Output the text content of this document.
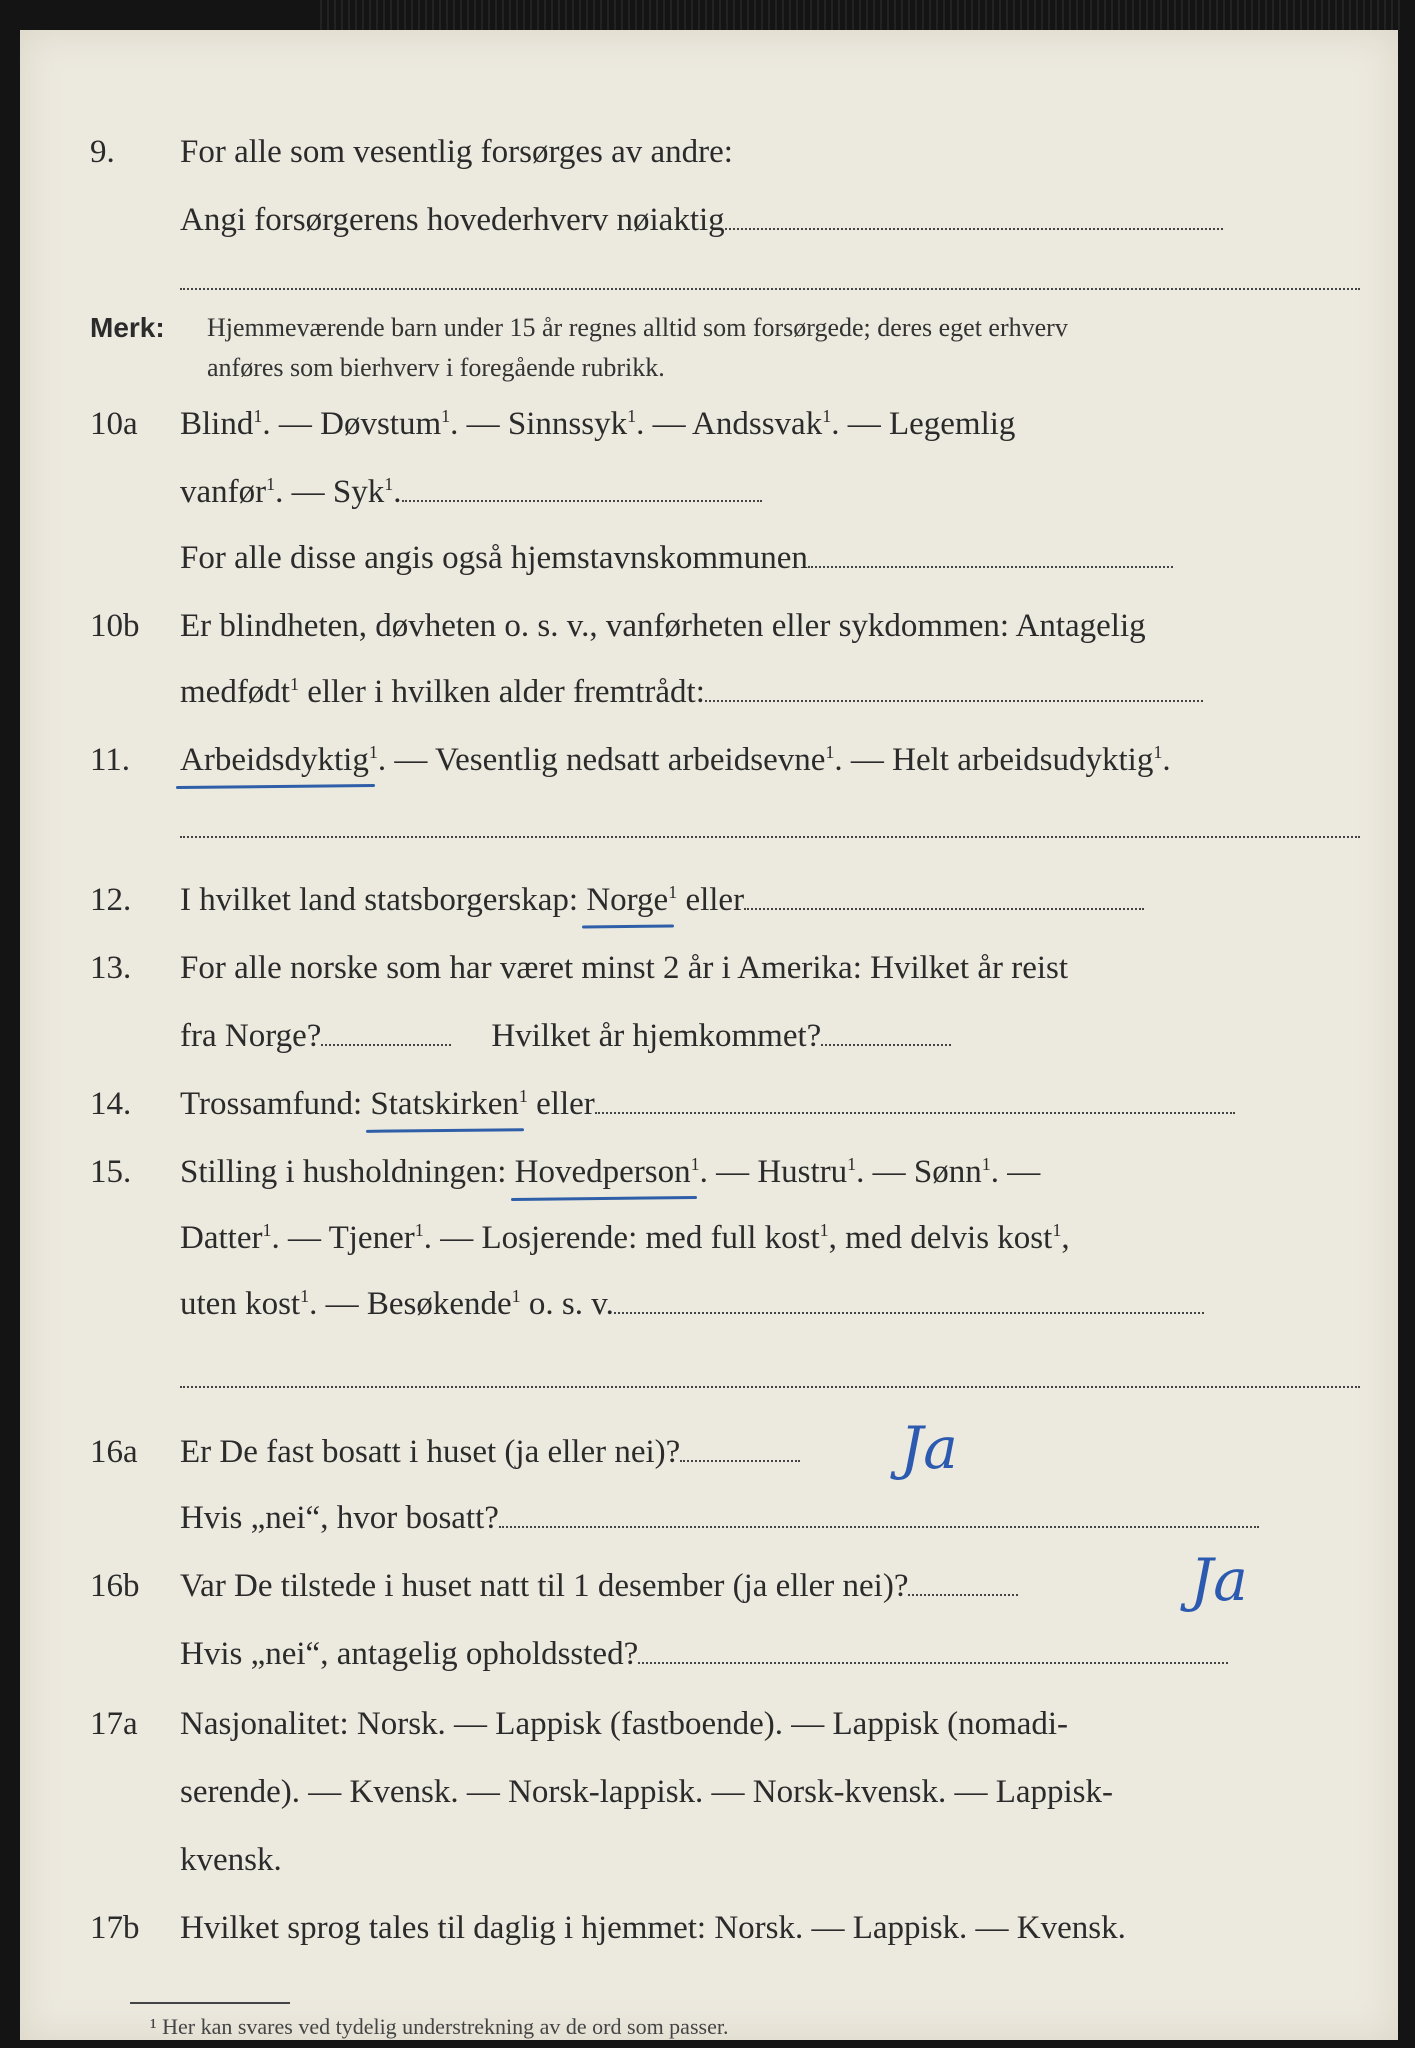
9. For alle som vesentlig forsørges av andre:
Angi forsørgerens hovederhverv nøiaktig
Merk: Hjemmeværende barn under 15 år regnes alltid som forsørgede; deres eget erhverv
anføres som bierhverv i foregående rubrikk.
10a Blind$^1$. — Døvstum$^1$. — Sinnssyk$^1$. — Andssvak$^1$. — Legemlig
vanfør$^1$. — Syk$^1$.
For alle disse angis også hjemstavnskommunen
10b Er blindheten, døvheten o. s. v., vanførheten eller sykdommen: Antagelig
medfødt$^1$ eller i hvilken alder fremtrådt:
11. Arbeidsdyktig$^1$. — Vesentlig nedsatt arbeidsevne$^1$. — Helt arbeidsudyktig$^1$.
12. I hvilket land statsborgerskap: Norge$^1$ eller
13. For alle norske som har været minst 2 år i Amerika: Hvilket år reist
fra Norge?	Hvilket år hjemkommet?
14. Trossamfund: Statskirken$^1$ eller
15. Stilling i husholdningen: Hovedperson$^1$. — Hustru$^1$. — Sønn$^1$. —
Datter$^1$. — Tjener$^1$. — Losjerende: med full kost$^1$, med delvis kost$^1$,
uten kost$^1$. — Besøkende$^1$ o. s. v.
16a Er De fast bosatt i huset (ja eller nei)?	Ja
Hvis „nei“, hvor bosatt?
16b Var De tilstede i huset natt til 1 desember (ja eller nei)?	Ja
Hvis „nei“, antagelig opholdssted?
17a Nasjonalitet: Norsk. — Lappisk (fastboende). — Lappisk (nomadi-
serende). — Kvensk. — Norsk-lappisk. — Norsk-kvensk. — Lappisk-
kvensk.
17b Hvilket sprog tales til daglig i hjemmet: Norsk. — Lappisk. — Kvensk.
¹ Her kan svares ved tydelig understrekning av de ord som passer.
